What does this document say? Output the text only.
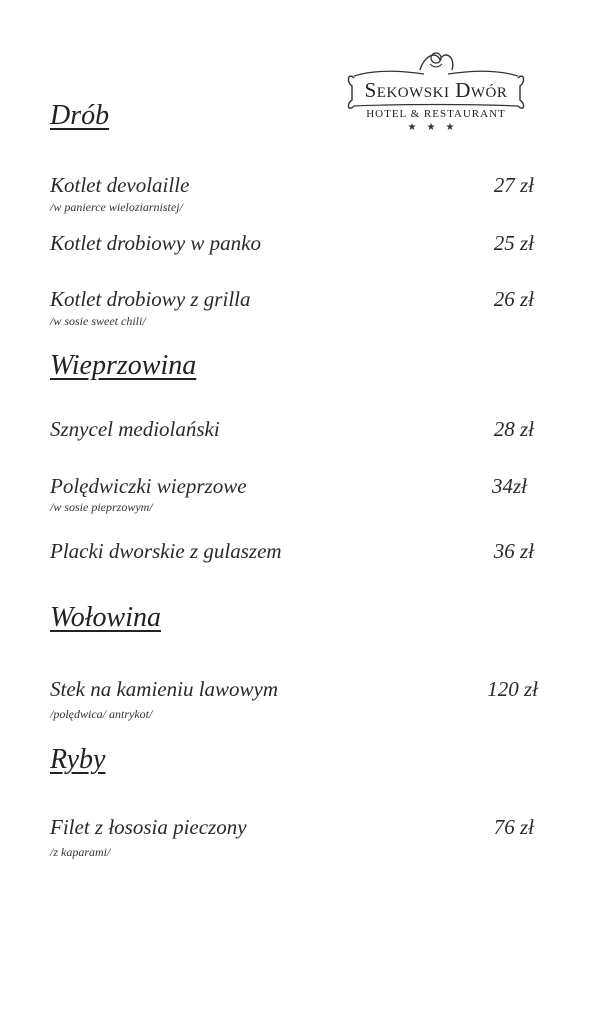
Sekowski Dwór
HOTEL & RESTAURANT
★★★
Drób
Kotlet devolaille	27 zł
/w panierce wieloziarnistej/
Kotlet drobiowy w panko	25 zł
Kotlet drobiowy z grilla	26 zł
/w sosie sweet chili/
Wieprzowina
Sznycel mediolański	28 zł
Polędwiczki wieprzowe	34zł
/w sosie pieprzowym/
Placki dworskie z gulaszem	36 zł
Wołowina
Stek na kamieniu lawowym	120 zł
/polędwica/ antrykot/
Ryby
Filet z łososia pieczony	76 zł
/z kaparami/
